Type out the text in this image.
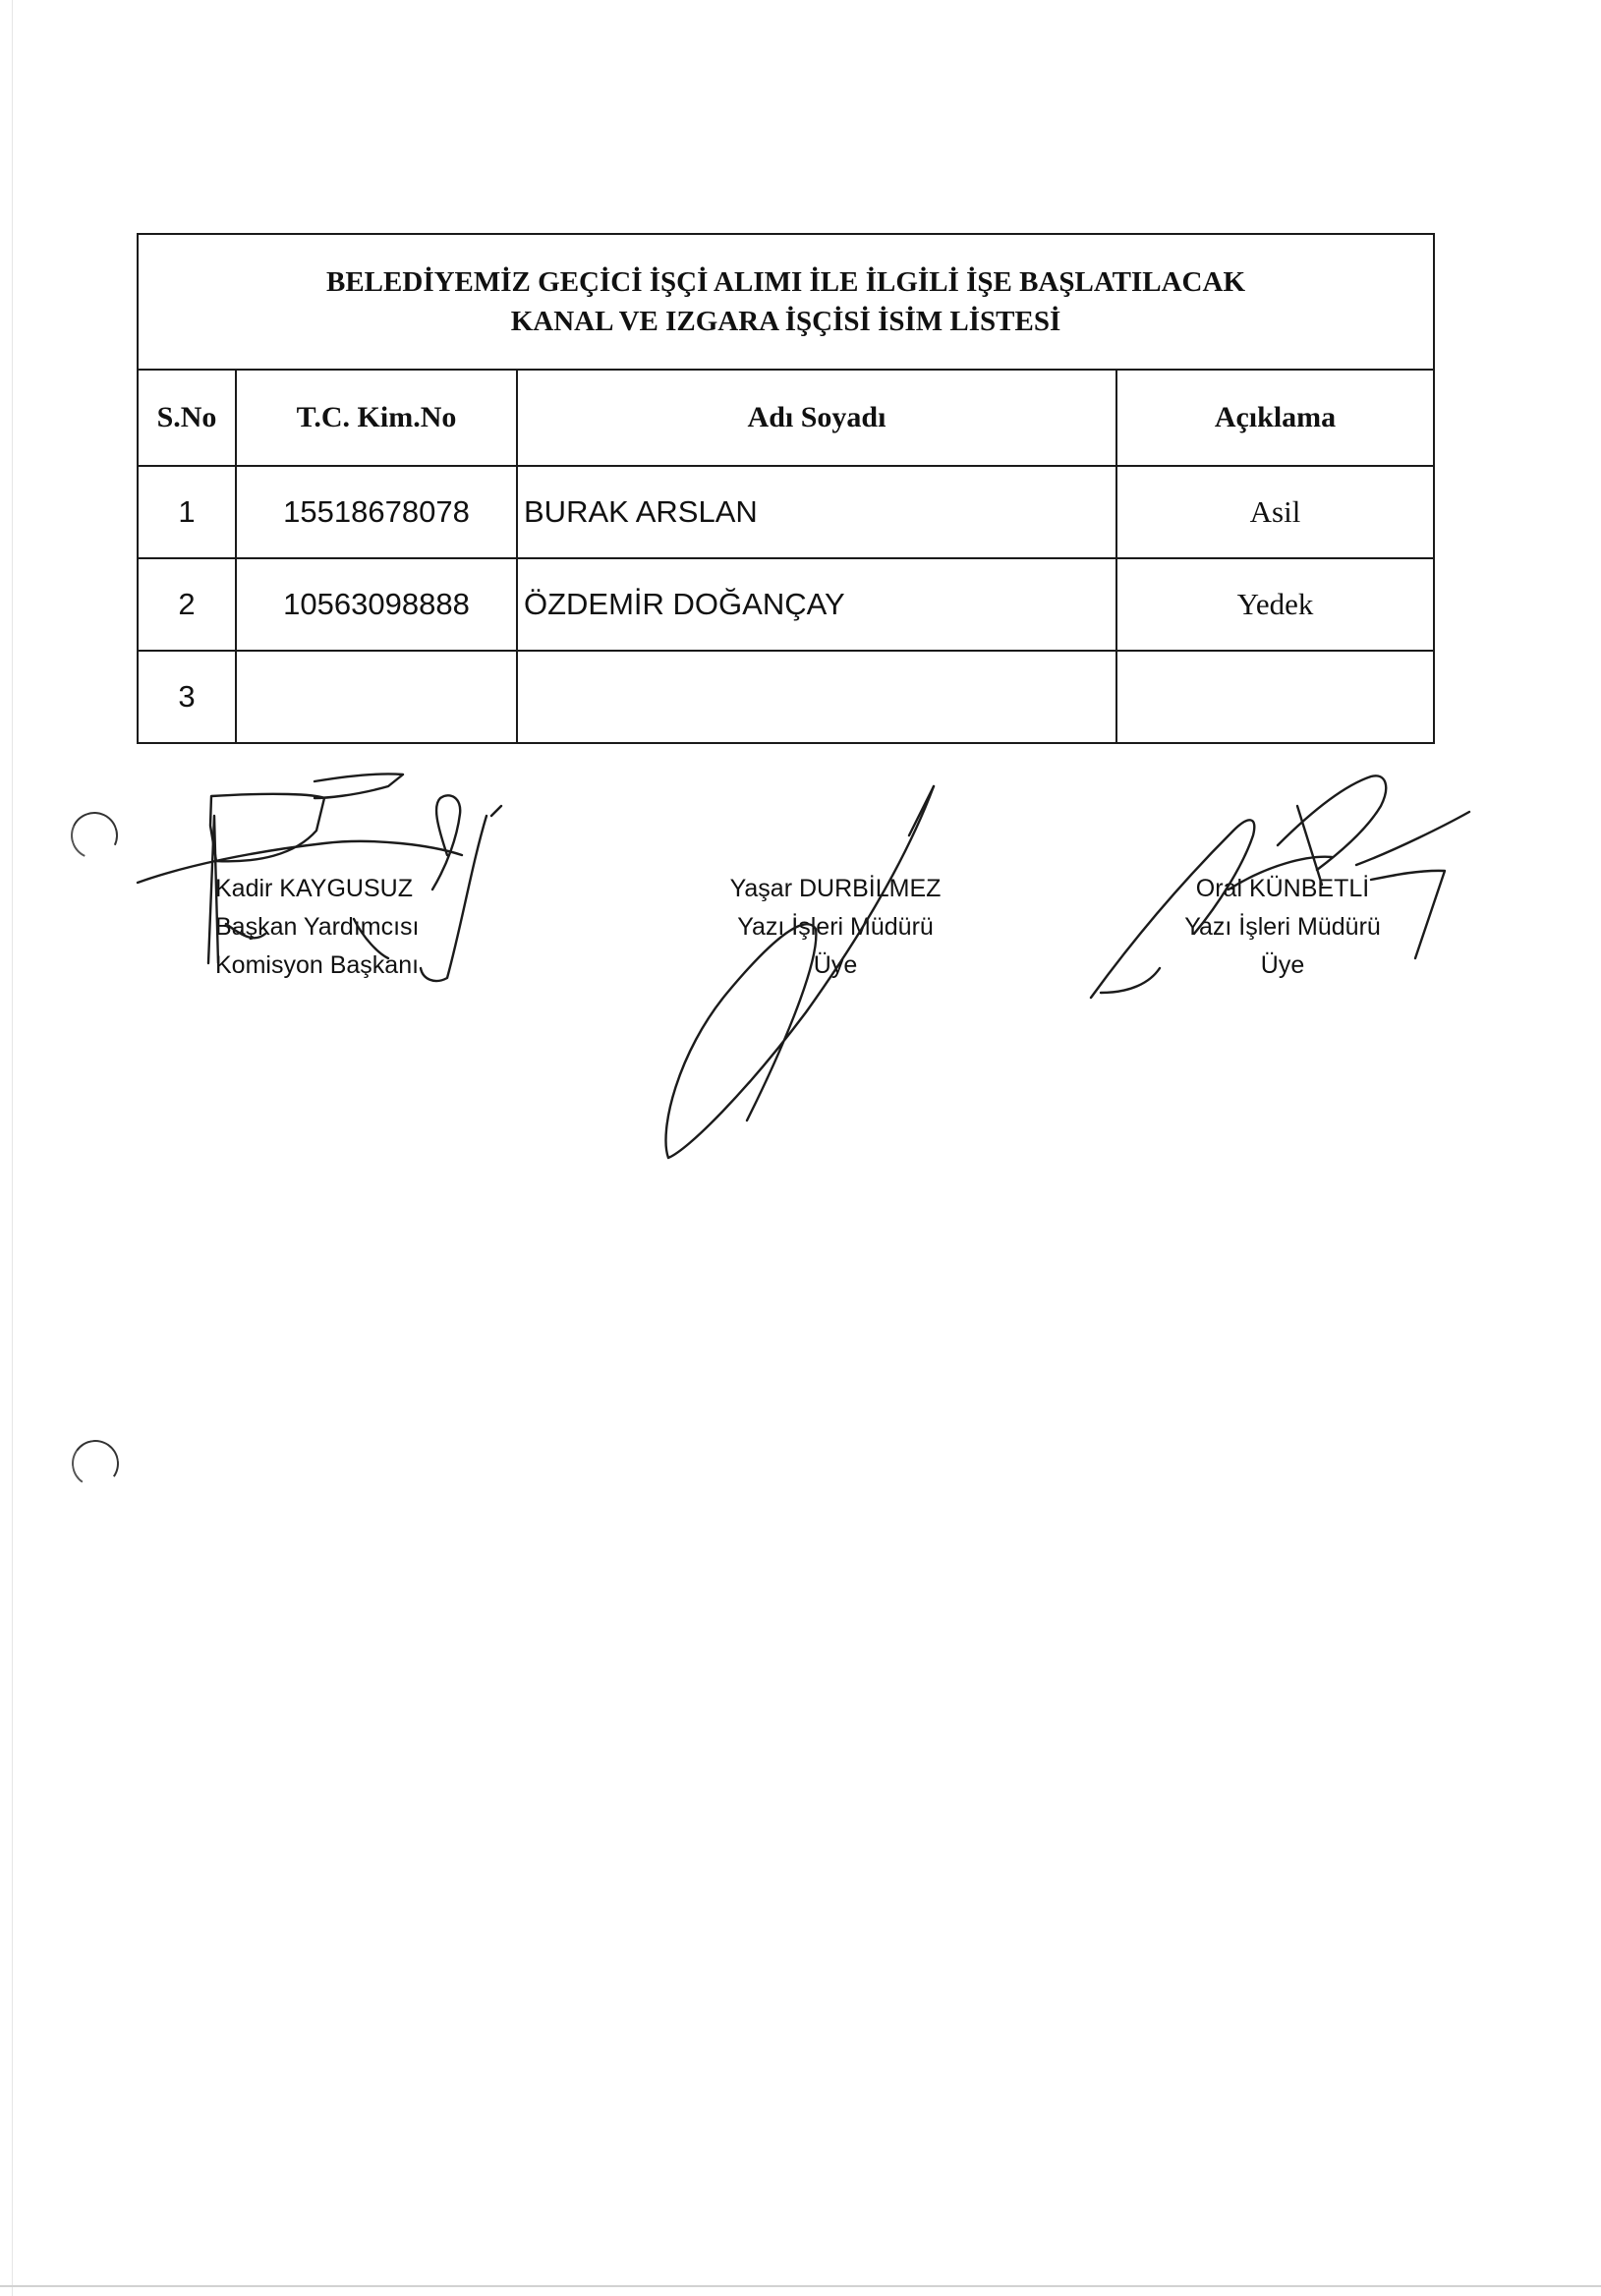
BELEDİYEMİZ GEÇİCİ İŞÇİ ALIMI İLE İLGİLİ İŞE BAŞLATILACAK
KANAL VE IZGARA İŞÇİSİ İSİM LİSTESİ			

S.No	T.C. Kim.No	Adı Soyadı	Açıklama
1	15518678078	BURAK ARSLAN	Asil
2	10563098888	ÖZDEMİR DOĞANÇAY	Yedek
3			
Kadir KAYGUSUZ
Başkan Yardımcısı
Komisyon Başkanı
Yaşar DURBİLMEZ
Yazı İşleri Müdürü
Üye
Oral KÜNBETLİ
Yazı İşleri Müdürü
Üye
